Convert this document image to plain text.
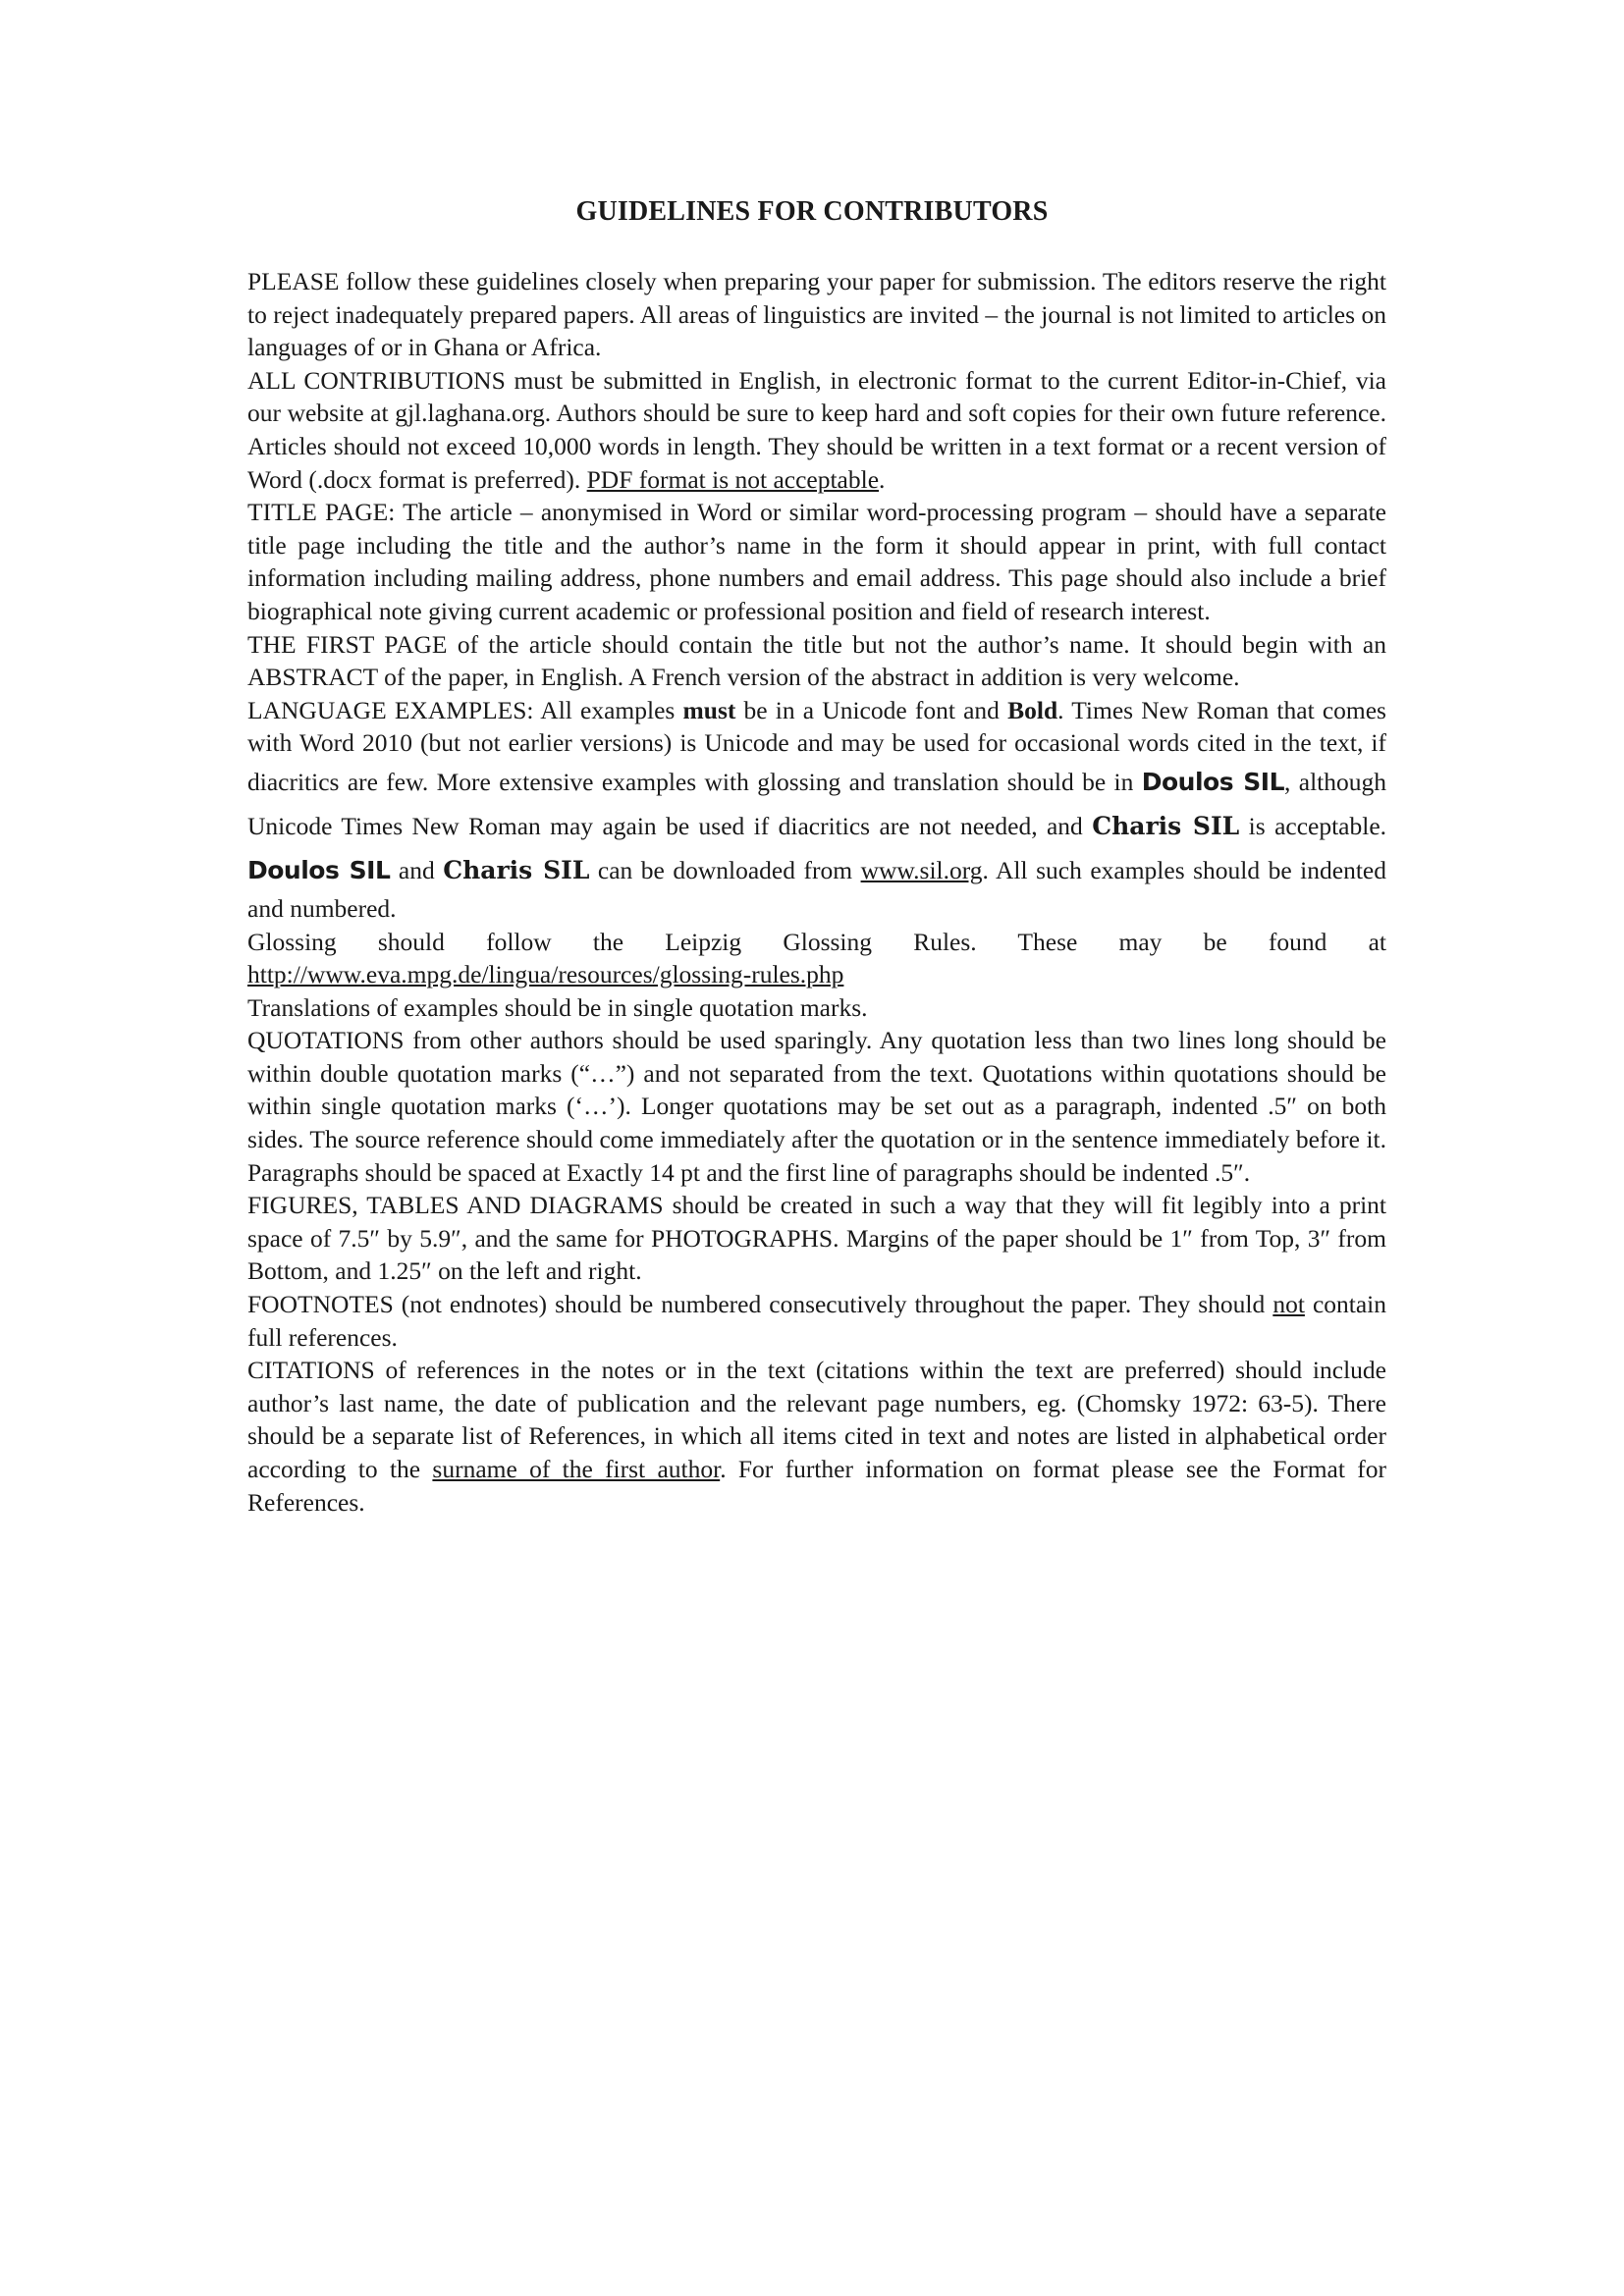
GUIDELINES FOR CONTRIBUTORS

PLEASE follow these guidelines closely when preparing your paper for submission. The editors reserve the right to reject inadequately prepared papers. All areas of linguistics are invited – the journal is not limited to articles on languages of or in Ghana or Africa.

ALL CONTRIBUTIONS must be submitted in English, in electronic format to the current Editor-in-Chief, via our website at gjl.laghana.org. Authors should be sure to keep hard and soft copies for their own future reference. Articles should not exceed 10,000 words in length. They should be written in a text format or a recent version of Word (.docx format is preferred). PDF format is not acceptable.

TITLE PAGE: The article – anonymised in Word or similar word-processing program – should have a separate title page including the title and the author’s name in the form it should appear in print, with full contact information including mailing address, phone numbers and email address. This page should also include a brief biographical note giving current academic or professional position and field of research interest.

THE FIRST PAGE of the article should contain the title but not the author’s name. It should begin with an ABSTRACT of the paper, in English. A French version of the abstract in addition is very welcome.

LANGUAGE EXAMPLES: All examples must be in a Unicode font and Bold. Times New Roman that comes with Word 2010 (but not earlier versions) is Unicode and may be used for occasional words cited in the text, if diacritics are few. More extensive examples with glossing and translation should be in Doulos SIL, although Unicode Times New Roman may again be used if diacritics are not needed, and Charis SIL is acceptable. Doulos SIL and Charis SIL can be downloaded from www.sil.org. All such examples should be indented and numbered.

Glossing should follow the Leipzig Glossing Rules. These may be found at

http://www.eva.mpg.de/lingua/resources/glossing-rules.php

Translations of examples should be in single quotation marks.

QUOTATIONS from other authors should be used sparingly. Any quotation less than two lines long should be within double quotation marks (“…”) and not separated from the text. Quotations within quotations should be within single quotation marks (‘…’). Longer quotations may be set out as a paragraph, indented .5″ on both sides. The source reference should come immediately after the quotation or in the sentence immediately before it. Paragraphs should be spaced at Exactly 14 pt and the first line of paragraphs should be indented .5″.

FIGURES, TABLES AND DIAGRAMS should be created in such a way that they will fit legibly into a print space of 7.5″ by 5.9″, and the same for PHOTOGRAPHS. Margins of the paper should be 1″ from Top, 3″ from Bottom, and 1.25″ on the left and right.

FOOTNOTES (not endnotes) should be numbered consecutively throughout the paper. They should not contain full references.

CITATIONS of references in the notes or in the text (citations within the text are preferred) should include author’s last name, the date of publication and the relevant page numbers, eg. (Chomsky 1972: 63-5). There should be a separate list of References, in which all items cited in text and notes are listed in alphabetical order according to the surname of the first author. For further information on format please see the Format for References.
